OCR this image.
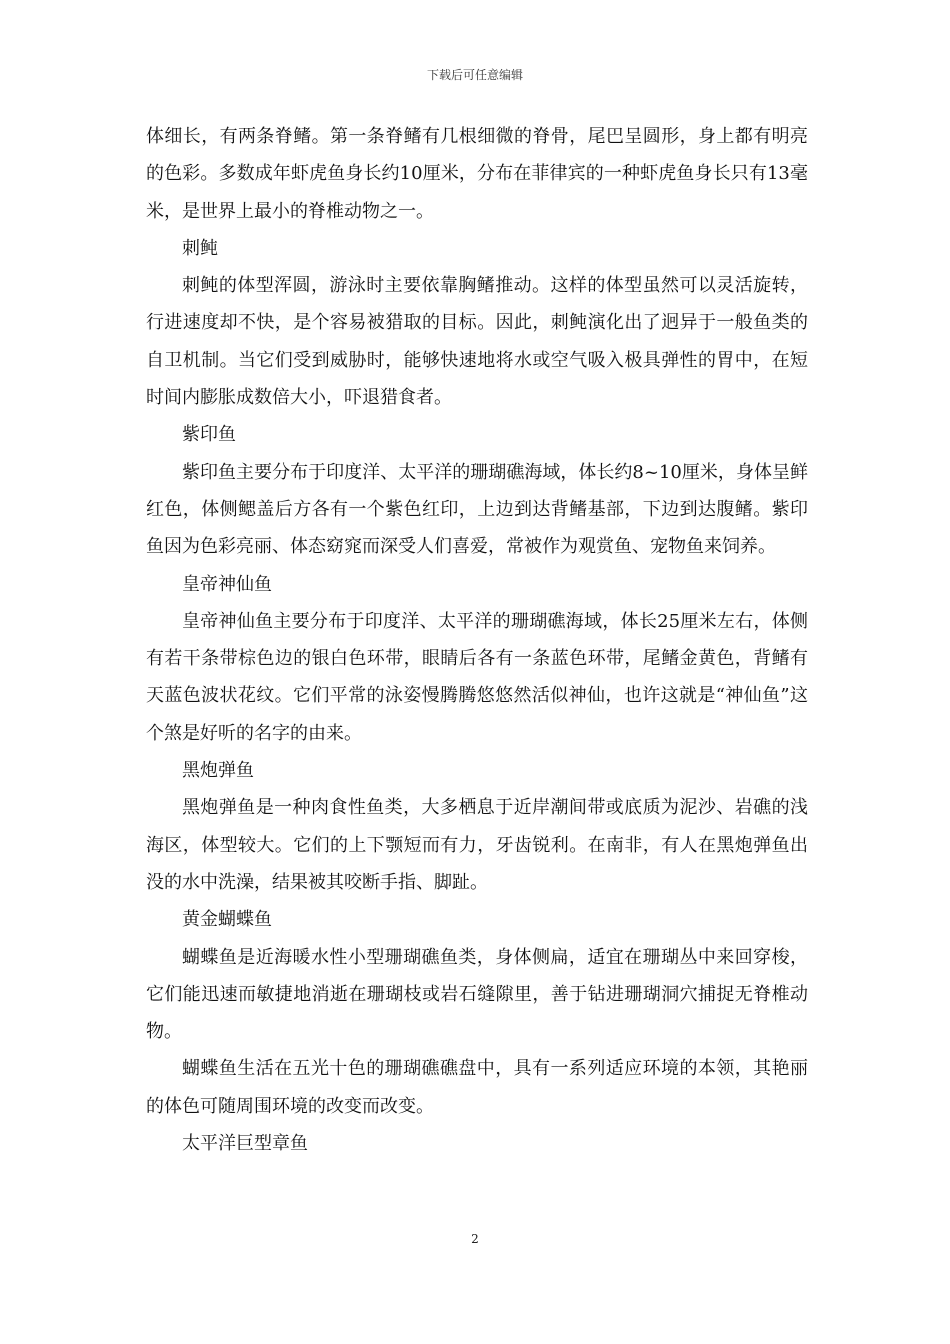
下载后可任意编辑

体细长，有两条脊鳍。第一条脊鳍有几根细微的脊骨，尾巴呈圆形，身上都有明亮的色彩。多数成年虾虎鱼身长约10厘米，分布在菲律宾的一种虾虎鱼身长只有13毫米，是世界上最小的脊椎动物之一。

刺鲀

刺鲀的体型浑圆，游泳时主要依靠胸鳍推动。这样的体型虽然可以灵活旋转，行进速度却不快，是个容易被猎取的目标。因此，刺鲀演化出了迥异于一般鱼类的自卫机制。当它们受到威胁时，能够快速地将水或空气吸入极具弹性的胃中，在短时间内膨胀成数倍大小，吓退猎食者。

紫印鱼

紫印鱼主要分布于印度洋、太平洋的珊瑚礁海域，体长约8~10厘米，身体呈鲜红色，体侧鳃盖后方各有一个紫色红印，上边到达背鳍基部，下边到达腹鳍。紫印鱼因为色彩亮丽、体态窈窕而深受人们喜爱，常被作为观赏鱼、宠物鱼来饲养。

皇帝神仙鱼

皇帝神仙鱼主要分布于印度洋、太平洋的珊瑚礁海域，体长25厘米左右，体侧有若干条带棕色边的银白色环带，眼睛后各有一条蓝色环带，尾鳍金黄色，背鳍有天蓝色波状花纹。它们平常的泳姿慢腾腾悠悠然活似神仙，也许这就是“神仙鱼”这个煞是好听的名字的由来。

黑炮弹鱼

黑炮弹鱼是一种肉食性鱼类，大多栖息于近岸潮间带或底质为泥沙、岩礁的浅海区，体型较大。它们的上下颚短而有力，牙齿锐利。在南非，有人在黑炮弹鱼出没的水中洗澡，结果被其咬断手指、脚趾。

黄金蝴蝶鱼

蝴蝶鱼是近海暖水性小型珊瑚礁鱼类，身体侧扁，适宜在珊瑚丛中来回穿梭，它们能迅速而敏捷地消逝在珊瑚枝或岩石缝隙里，善于钻进珊瑚洞穴捕捉无脊椎动物。

蝴蝶鱼生活在五光十色的珊瑚礁礁盘中，具有一系列适应环境的本领，其艳丽的体色可随周围环境的改变而改变。

太平洋巨型章鱼

2
